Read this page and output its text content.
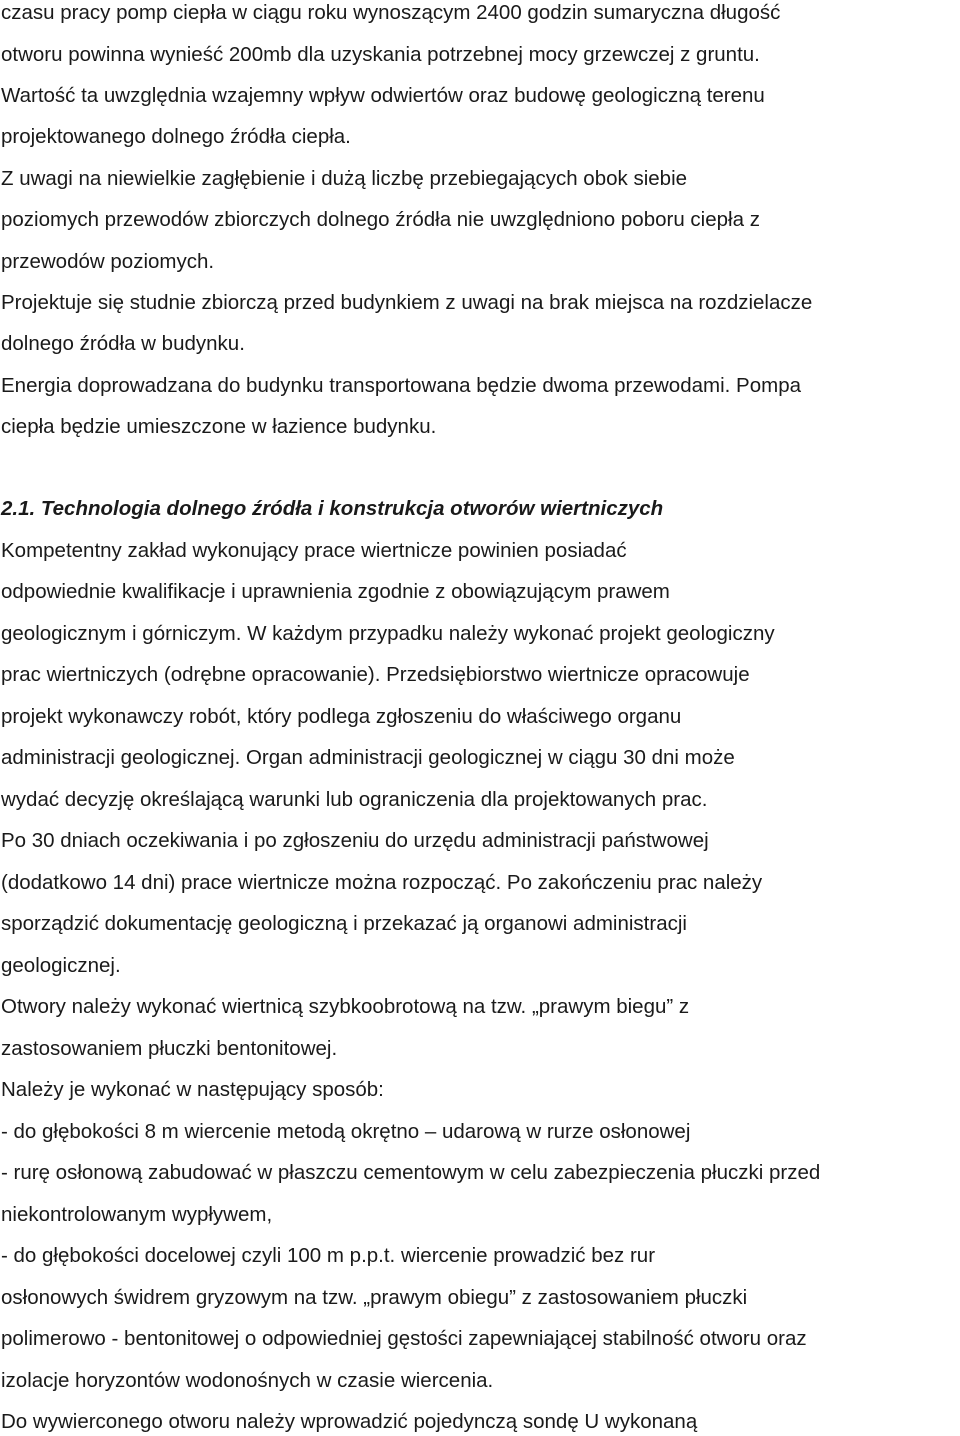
czasu pracy pomp ciepła w ciągu roku wynoszącym 2400 godzin sumaryczna długość

otworu powinna wynieść 200mb dla uzyskania potrzebnej mocy grzewczej z gruntu.

Wartość ta uwzględnia wzajemny wpływ odwiertów oraz budowę geologiczną terenu

projektowanego dolnego źródła ciepła.

Z uwagi na niewielkie zagłębienie i dużą liczbę przebiegających obok siebie

poziomych przewodów zbiorczych dolnego źródła nie uwzględniono poboru ciepła z

przewodów poziomych.

Projektuje się studnie zbiorczą przed budynkiem z uwagi na brak miejsca na rozdzielacze

dolnego źródła w budynku.

Energia doprowadzana do budynku transportowana będzie dwoma przewodami. Pompa

ciepła będzie umieszczone w łazience budynku.

2.1. Technologia dolnego źródła i konstrukcja otworów wiertniczych

Kompetentny zakład wykonujący prace wiertnicze powinien posiadać

odpowiednie kwalifikacje i uprawnienia zgodnie z obowiązującym prawem

geologicznym i górniczym. W każdym przypadku należy wykonać projekt geologiczny

prac wiertniczych (odrębne opracowanie). Przedsiębiorstwo wiertnicze opracowuje

projekt wykonawczy robót, który podlega zgłoszeniu do właściwego organu

administracji geologicznej. Organ administracji geologicznej w ciągu 30 dni może

wydać decyzję określającą warunki lub ograniczenia dla projektowanych prac.

Po 30 dniach oczekiwania i po zgłoszeniu do urzędu administracji państwowej

(dodatkowo 14 dni) prace wiertnicze można rozpocząć. Po zakończeniu prac należy

sporządzić dokumentację geologiczną i przekazać ją organowi administracji

geologicznej.

Otwory należy wykonać wiertnicą szybkoobrotową na tzw. „prawym biegu” z

zastosowaniem płuczki bentonitowej.

Należy je wykonać w następujący sposób:

- do głębokości 8 m wiercenie metodą okrętno – udarową w rurze osłonowej

- rurę osłonową zabudować w płaszczu cementowym w celu zabezpieczenia płuczki przed

niekontrolowanym wypływem,

- do głębokości docelowej czyli 100 m p.p.t. wiercenie prowadzić bez rur

osłonowych świdrem gryzowym na tzw. „prawym obiegu” z zastosowaniem płuczki

polimerowo - bentonitowej o odpowiedniej gęstości zapewniającej stabilność otworu oraz

izolacje horyzontów wodonośnych w czasie wiercenia.

Do wywierconego otworu należy wprowadzić pojedynczą sondę U wykonaną
